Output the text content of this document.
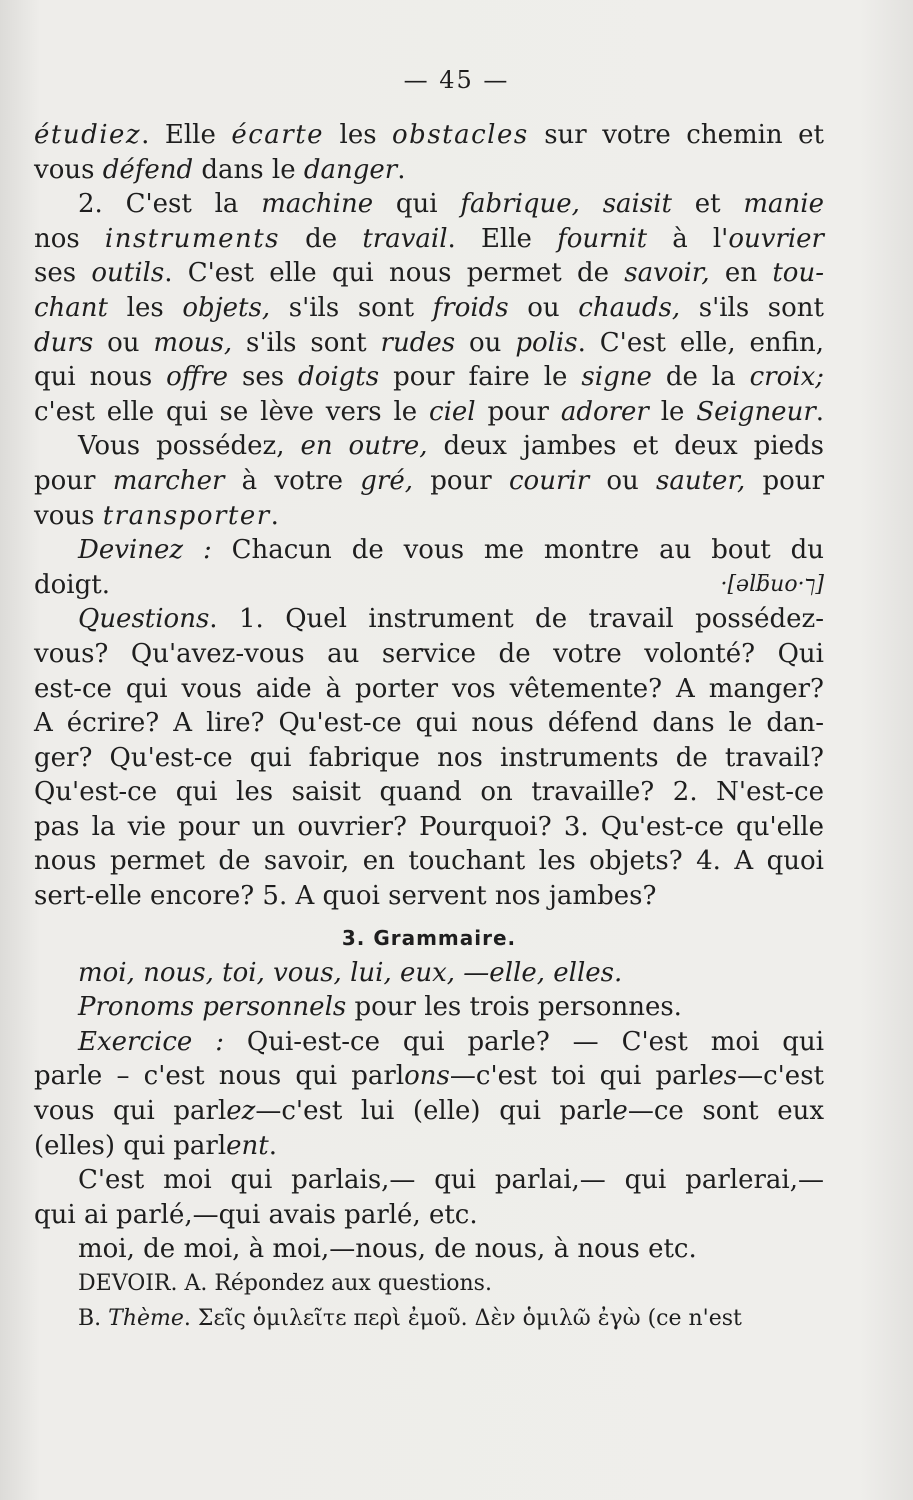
— 45 —
étudiez. Elle écarte les obstacles sur votre chemin et
vous défend dans le danger.
2. C'est la machine qui fabrique, saisit et manie
nos instruments de travail. Elle fournit à l'ouvrier
ses outils. C'est elle qui nous permet de savoir, en tou-
chant les objets, s'ils sont froids ou chauds, s'ils sont
durs ou mous, s'ils sont rudes ou polis. C'est elle, enfin,
qui nous offre ses doigts pour faire le signe de la croix;
c'est elle qui se lève vers le ciel pour adorer le Seigneur.
Vous possédez, en outre, deux jambes et deux pieds
pour marcher à votre gré, pour courir ou sauter, pour
vous transporter.
Devinez : Chacun de vous me montre au bout du
doigt.	·[əlƃuo·ך]
Questions. 1. Quel instrument de travail possédez-
vous? Qu'avez-vous au service de votre volonté? Qui
est-ce qui vous aide à porter vos vêtemente? A manger?
A écrire? A lire? Qu'est-ce qui nous défend dans le dan-
ger? Qu'est-ce qui fabrique nos instruments de travail?
Qu'est-ce qui les saisit quand on travaille? 2. N'est-ce
pas la vie pour un ouvrier? Pourquoi? 3. Qu'est-ce qu'elle
nous permet de savoir, en touchant les objets? 4. A quoi
sert-elle encore? 5. A quoi servent nos jambes?
3. Grammaire.
moi, nous, toi, vous, lui, eux, —elle, elles.
Pronoms personnels pour les trois personnes.
Exercice : Qui-est-ce qui parle? — C'est moi qui
parle – c'est nous qui parlons—c'est toi qui parles—c'est
vous qui parlez—c'est lui (elle) qui parle—ce sont eux
(elles) qui parlent.
C'est moi qui parlais,— qui parlai,— qui parlerai,—
qui ai parlé,—qui avais parlé, etc.
moi, de moi, à moi,—nous, de nous, à nous etc.
DEVOIR. A. Répondez aux questions.
B. Thème. Σεῖς ὁμιλεῖτε περὶ ἐμοῦ. Δὲν ὁμιλῶ ἐγὼ (ce n'est
